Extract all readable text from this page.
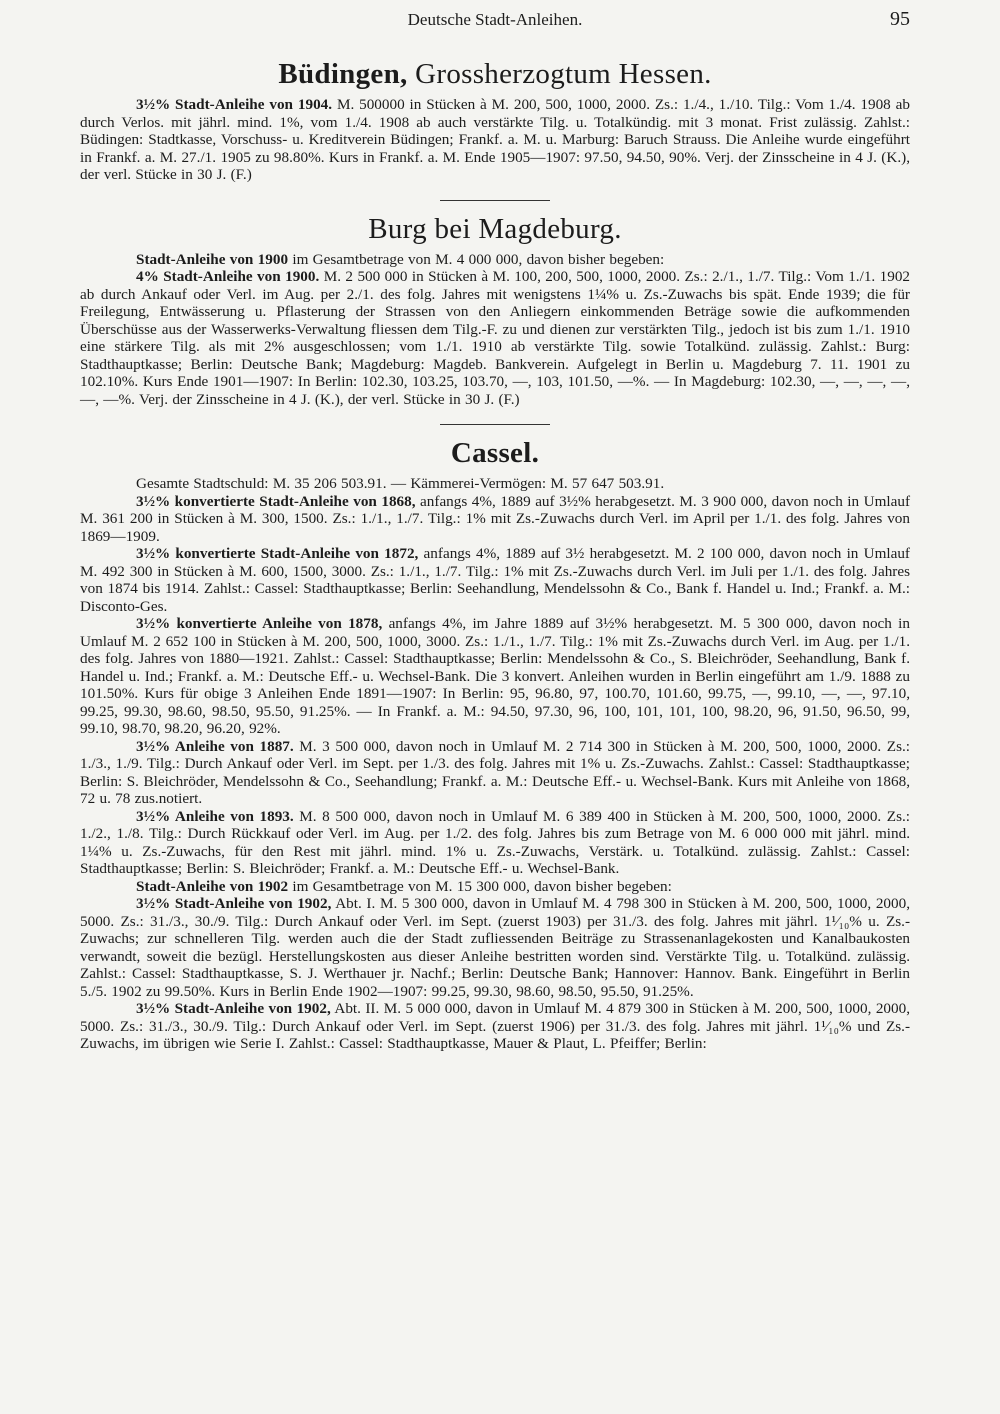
Deutsche Stadt-Anleihen.	95
Büdingen, Grossherzogtum Hessen.

3½% Stadt-Anleihe von 1904. M. 500000 in Stücken à M. 200, 500, 1000, 2000. Zs.: 1./4., 1./10. Tilg.: Vom 1./4. 1908 ab durch Verlos. mit jährl. mind. 1%, vom 1./4. 1908 ab auch verstärkte Tilg. u. Totalkündig. mit 3 monat. Frist zulässig. Zahlst.: Büdingen: Stadtkasse, Vorschuss- u. Kreditverein Büdingen; Frankf. a. M. u. Marburg: Baruch Strauss. Die Anleihe wurde eingeführt in Frankf. a. M. 27./1. 1905 zu 98.80%. Kurs in Frankf. a. M. Ende 1905—1907: 97.50, 94.50, 90%. Verj. der Zinsscheine in 4 J. (K.), der verl. Stücke in 30 J. (F.)

Burg bei Magdeburg.

Stadt-Anleihe von 1900 im Gesamtbetrage von M. 4 000 000, davon bisher begeben:

4% Stadt-Anleihe von 1900. M. 2 500 000 in Stücken à M. 100, 200, 500, 1000, 2000. Zs.: 2./1., 1./7. Tilg.: Vom 1./1. 1902 ab durch Ankauf oder Verl. im Aug. per 2./1. des folg. Jahres mit wenigstens 1¼% u. Zs.-Zuwachs bis spät. Ende 1939; die für Freilegung, Entwässerung u. Pflasterung der Strassen von den Anliegern einkommenden Beträge sowie die aufkommenden Überschüsse aus der Wasserwerks-Verwaltung fliessen dem Tilg.-F. zu und dienen zur verstärkten Tilg., jedoch ist bis zum 1./1. 1910 eine stärkere Tilg. als mit 2% ausgeschlossen; vom 1./1. 1910 ab verstärkte Tilg. sowie Totalkünd. zulässig. Zahlst.: Burg: Stadthauptkasse; Berlin: Deutsche Bank; Magdeburg: Magdeb. Bankverein. Aufgelegt in Berlin u. Magdeburg 7. 11. 1901 zu 102.10%. Kurs Ende 1901—1907: In Berlin: 102.30, 103.25, 103.70, —, 103, 101.50, —%. — In Magdeburg: 102.30, —, —, —, —, —, —%. Verj. der Zinsscheine in 4 J. (K.), der verl. Stücke in 30 J. (F.)

Cassel.

Gesamte Stadtschuld: M. 35 206 503.91. — Kämmerei-Vermögen: M. 57 647 503.91.

3½% konvertierte Stadt-Anleihe von 1868, anfangs 4%, 1889 auf 3½% herabgesetzt. M. 3 900 000, davon noch in Umlauf M. 361 200 in Stücken à M. 300, 1500. Zs.: 1./1., 1./7. Tilg.: 1% mit Zs.-Zuwachs durch Verl. im April per 1./1. des folg. Jahres von 1869—1909.

3½% konvertierte Stadt-Anleihe von 1872, anfangs 4%, 1889 auf 3½ herabgesetzt. M. 2 100 000, davon noch in Umlauf M. 492 300 in Stücken à M. 600, 1500, 3000. Zs.: 1./1., 1./7. Tilg.: 1% mit Zs.-Zuwachs durch Verl. im Juli per 1./1. des folg. Jahres von 1874 bis 1914. Zahlst.: Cassel: Stadthauptkasse; Berlin: Seehandlung, Mendelssohn & Co., Bank f. Handel u. Ind.; Frankf. a. M.: Disconto-Ges.

3½% konvertierte Anleihe von 1878, anfangs 4%, im Jahre 1889 auf 3½% herabgesetzt. M. 5 300 000, davon noch in Umlauf M. 2 652 100 in Stücken à M. 200, 500, 1000, 3000. Zs.: 1./1., 1./7. Tilg.: 1% mit Zs.-Zuwachs durch Verl. im Aug. per 1./1. des folg. Jahres von 1880—1921. Zahlst.: Cassel: Stadthauptkasse; Berlin: Mendelssohn & Co., S. Bleichröder, Seehandlung, Bank f. Handel u. Ind.; Frankf. a. M.: Deutsche Eff.- u. Wechsel-Bank. Die 3 konvert. Anleihen wurden in Berlin eingeführt am 1./9. 1888 zu 101.50%. Kurs für obige 3 Anleihen Ende 1891—1907: In Berlin: 95, 96.80, 97, 100.70, 101.60, 99.75, —, 99.10, —, —, 97.10, 99.25, 99.30, 98.60, 98.50, 95.50, 91.25%. — In Frankf. a. M.: 94.50, 97.30, 96, 100, 101, 101, 100, 98.20, 96, 91.50, 96.50, 99, 99.10, 98.70, 98.20, 96.20, 92%.

3½% Anleihe von 1887. M. 3 500 000, davon noch in Umlauf M. 2 714 300 in Stücken à M. 200, 500, 1000, 2000. Zs.: 1./3., 1./9. Tilg.: Durch Ankauf oder Verl. im Sept. per 1./3. des folg. Jahres mit 1% u. Zs.-Zuwachs. Zahlst.: Cassel: Stadthauptkasse; Berlin: S. Bleichröder, Mendelssohn & Co., Seehandlung; Frankf. a. M.: Deutsche Eff.- u. Wechsel-Bank. Kurs mit Anleihe von 1868, 72 u. 78 zus.notiert.

3½% Anleihe von 1893. M. 8 500 000, davon noch in Umlauf M. 6 389 400 in Stücken à M. 200, 500, 1000, 2000. Zs.: 1./2., 1./8. Tilg.: Durch Rückkauf oder Verl. im Aug. per 1./2. des folg. Jahres bis zum Betrage von M. 6 000 000 mit jährl. mind. 1¼% u. Zs.-Zuwachs, für den Rest mit jährl. mind. 1% u. Zs.-Zuwachs, Verstärk. u. Totalkünd. zulässig. Zahlst.: Cassel: Stadthauptkasse; Berlin: S. Bleichröder; Frankf. a. M.: Deutsche Eff.- u. Wechsel-Bank.

Stadt-Anleihe von 1902 im Gesamtbetrage von M. 15 300 000, davon bisher begeben:

3½% Stadt-Anleihe von 1902, Abt. I. M. 5 300 000, davon in Umlauf M. 4 798 300 in Stücken à M. 200, 500, 1000, 2000, 5000. Zs.: 31./3., 30./9. Tilg.: Durch Ankauf oder Verl. im Sept. (zuerst 1903) per 31./3. des folg. Jahres mit jährl. 1¹⁄₁₀% u. Zs.-Zuwachs; zur schnelleren Tilg. werden auch die der Stadt zufliessenden Beiträge zu Strassenanlagekosten und Kanalbaukosten verwandt, soweit die bezügl. Herstellungskosten aus dieser Anleihe bestritten worden sind. Verstärkte Tilg. u. Totalkünd. zulässig. Zahlst.: Cassel: Stadthauptkasse, S. J. Werthauer jr. Nachf.; Berlin: Deutsche Bank; Hannover: Hannov. Bank. Eingeführt in Berlin 5./5. 1902 zu 99.50%. Kurs in Berlin Ende 1902—1907: 99.25, 99.30, 98.60, 98.50, 95.50, 91.25%.

3½% Stadt-Anleihe von 1902, Abt. II. M. 5 000 000, davon in Umlauf M. 4 879 300 in Stücken à M. 200, 500, 1000, 2000, 5000. Zs.: 31./3., 30./9. Tilg.: Durch Ankauf oder Verl. im Sept. (zuerst 1906) per 31./3. des folg. Jahres mit jährl. 1¹⁄₁₀% und Zs.-Zuwachs, im übrigen wie Serie I. Zahlst.: Cassel: Stadthauptkasse, Mauer & Plaut, L. Pfeiffer; Berlin:
